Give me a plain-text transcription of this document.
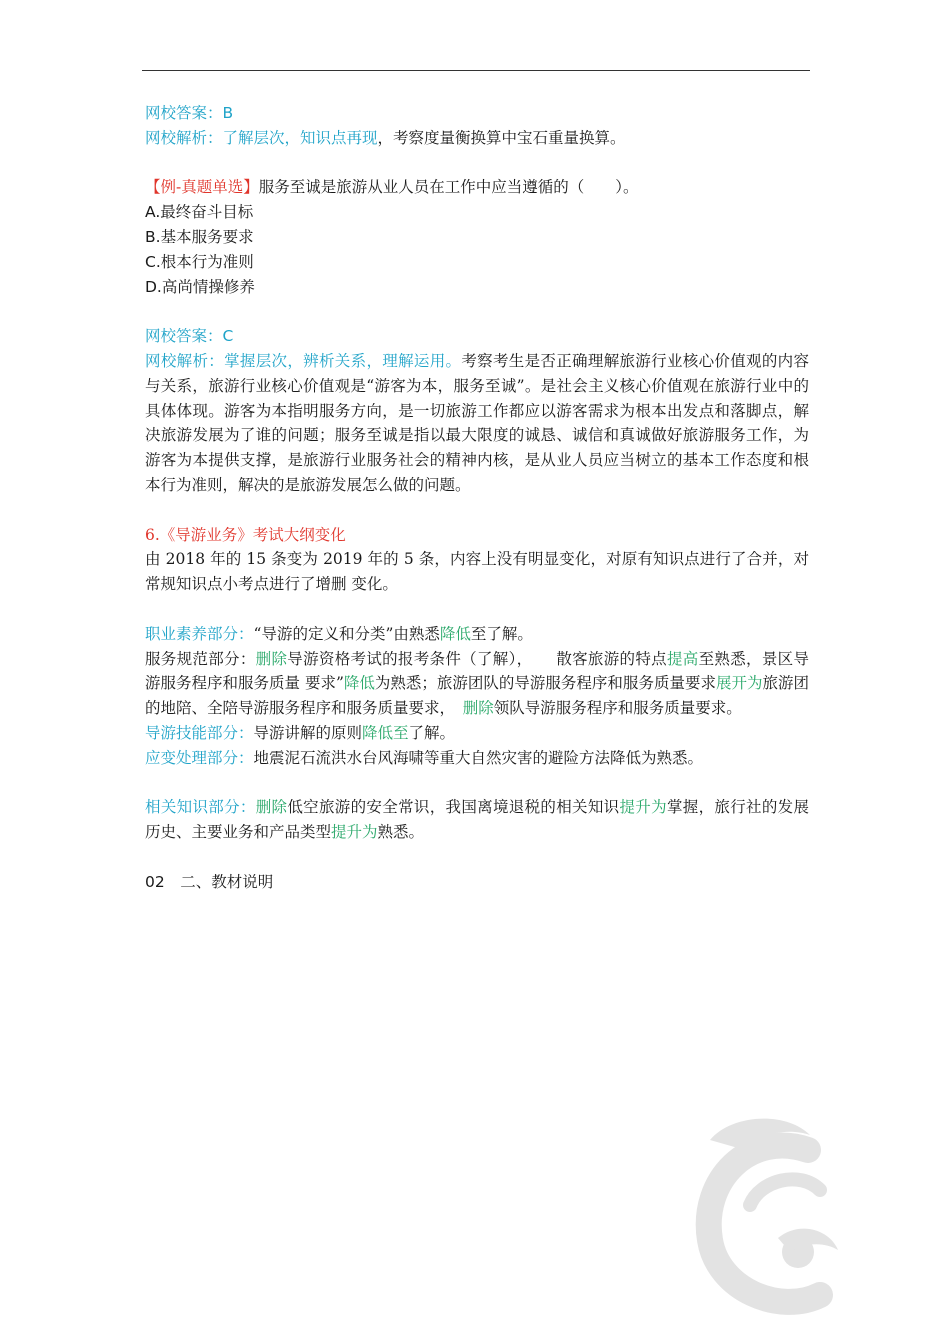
网校答案：B

网校解析：了解层次，知识点再现，考察度量衡换算中宝石重量换算。

【例-真题单选】服务至诚是旅游从业人员在工作中应当遵循的（　　）。

A.最终奋斗目标

B.基本服务要求

C.根本行为准则

D.高尚情操修养

网校答案：C

网校解析：掌握层次，辨析关系，理解运用。考察考生是否正确理解旅游行业核心价值观的内容与关系，旅游行业核心价值观是“游客为本，服务至诚”。是社会主义核心价值观在旅游行业中的具体体现。游客为本指明服务方向，是一切旅游工作都应以游客需求为根本出发点和落脚点，解决旅游发展为了谁的问题；服务至诚是指以最大限度的诚恳、诚信和真诚做好旅游服务工作，为游客为本提供支撑，是旅游行业服务社会的精神内核，是从业人员应当树立的基本工作态度和根本行为准则，解决的是旅游发展怎么做的问题。

6.《导游业务》考试大纲变化

由 2018 年的 15 条变为 2019 年的 5 条，内容上没有明显变化，对原有知识点进行了合并，对常规知识点小考点进行了增删 变化。

职业素养部分：“导游的定义和分类”由熟悉降低至了解。

服务规范部分：删除导游资格考试的报考条件（了解），　　散客旅游的特点提高至熟悉，景区导游服务程序和服务质量 要求”降低为熟悉；旅游团队的导游服务程序和服务质量要求展开为旅游团的地陪、全陪导游服务程序和服务质量要求，　删除领队导游服务程序和服务质量要求。

导游技能部分：导游讲解的原则降低至了解。

应变处理部分：地震泥石流洪水台风海啸等重大自然灾害的避险方法降低为熟悉。

相关知识部分：删除低空旅游的安全常识，我国离境退税的相关知识提升为掌握，旅行社的发展历史、主要业务和产品类型提升为熟悉。

02　 二、教材说明
